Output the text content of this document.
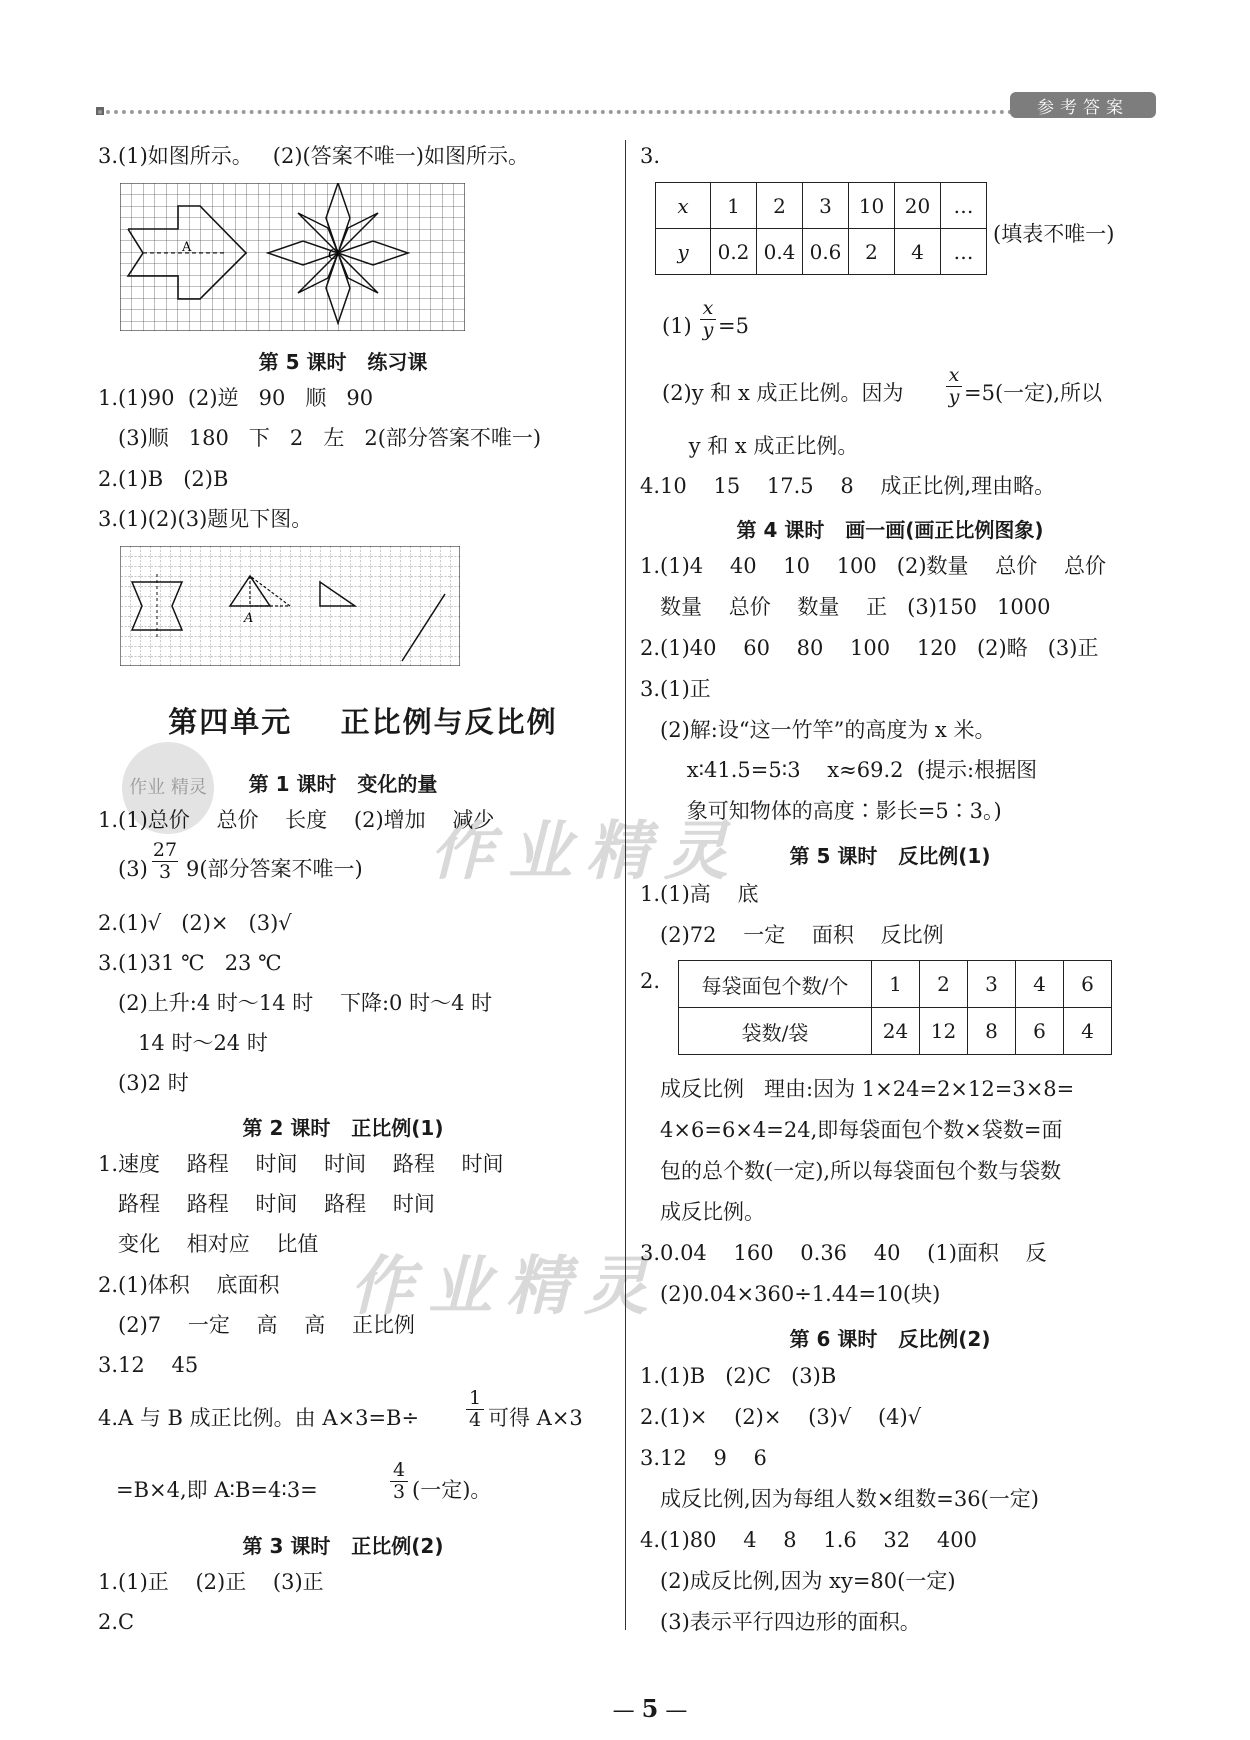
参考答案
作业精灵
作业精灵
作业 精灵
3.(1)如图所示。   (2)(答案不唯一)如图所示。
A	O
第 5 课时   练习课
1.(1)90  (2)逆   90   顺   90
(3)顺   180   下   2   左   2(部分答案不唯一)
2.(1)B   (2)B
3.(1)(2)(3)题见下图。
A
第四单元    正比例与反比例
第 1 课时   变化的量
1.(1)总价    总价    长度    (2)增加    减少
(3)
27
3 9(部分答案不唯一)
2.(1)√   (2)×   (3)√
3.(1)31 ℃   23 ℃
(2)上升:4 时～14 时    下降:0 时～4 时
14 时～24 时
(3)2 时
第 2 课时   正比例(1)
1.速度    路程    时间    时间    路程    时间
路程    路程    时间    路程    时间
变化    相对应    比值
2.(1)体积    底面积
(2)7    一定    高    高    正比例
3.12    45
4.A 与 B 成正比例。由 A×3=B÷
1
4 可得 A×3
=B×4,即 A∶B=4∶3=
4
3 (一定)。
第 3 课时   正比例(2)
1.(1)正    (2)正    (3)正
2.C
3.
x	1	2	3	10	20	…
y	0.2	0.4	0.6	2	4	…
(填表不唯一)
(1)
x
y =5
(2)y 和 x 成正比例。因为
x
y =5(一定),所以
y 和 x 成正比例。
4.10    15    17.5    8    成正比例,理由略。
第 4 课时   画一画(画正比例图象)
1.(1)4    40    10    100   (2)数量    总价    总价
数量    总价    数量    正   (3)150   1000
2.(1)40    60    80    100    120   (2)略   (3)正
3.(1)正
(2)解:设“这一竹竿”的高度为 x 米。
x∶41.5=5∶3    x≈69.2  (提示:根据图
象可知物体的高度∶影长=5∶3。)
第 5 课时   反比例(1)
1.(1)高    底
(2)72    一定    面积    反比例
2. 每袋面包个数/个	1	2	3	4	6
袋数/袋	24	12	8	6	4
成反比例   理由:因为 1×24=2×12=3×8=
4×6=6×4=24,即每袋面包个数×袋数=面
包的总个数(一定),所以每袋面包个数与袋数
成反比例。
3.0.04    160    0.36    40    (1)面积    反
(2)0.04×360÷1.44=10(块)
第 6 课时   反比例(2)
1.(1)B   (2)C   (3)B
2.(1)×    (2)×    (3)√    (4)√
3.12    9    6
成反比例,因为每组人数×组数=36(一定)
4.(1)80    4    8    1.6    32    400
(2)成反比例,因为 xy=80(一定)
(3)表示平行四边形的面积。
— 5 —
